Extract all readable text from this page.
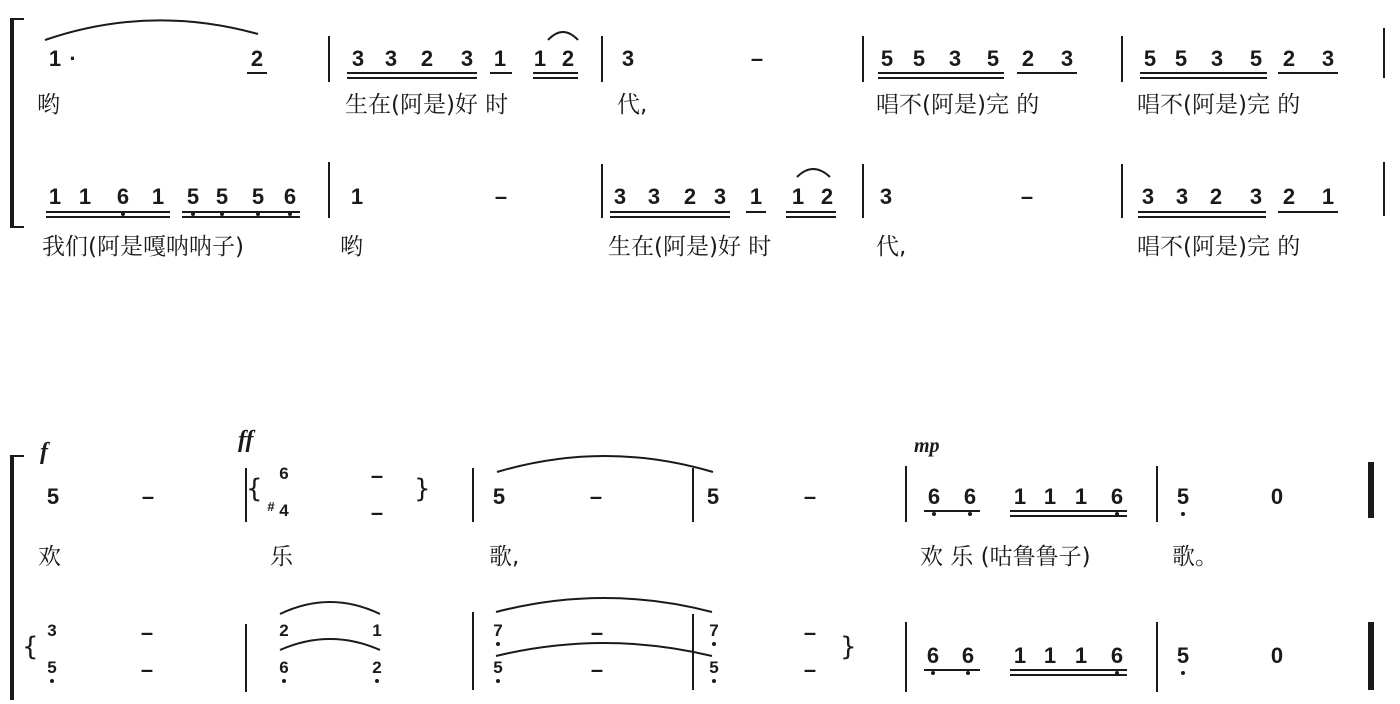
1 ·	2	3 3 2 3 1 1 2 3	–	5 5 3 5 2 3	5 5 3 5 2 3
哟	生在(阿是)好 时	代,	唱不(阿是)完 的	唱不(阿是)完 的
1 1 6 1 5 5 5 6 1	–	3 3 2 3 1 1 2 3	–	3 3 2 3 2 1
我们(阿是嘎呐呐子)	哟	生在(阿是)好 时	代,	唱不(阿是)完 的
5	–
6
# 4
–
–
5	–	5	–	6 6 1 1 1 6 5	0
欢	乐	歌,	欢 乐 (咕鲁鲁子)	歌。
3
5
–
–
2	1
6	2
7
5
–
–
7
5
–
–
6 6 1 1 1 6 5	0
f	ff	mp
{	}
{	}
